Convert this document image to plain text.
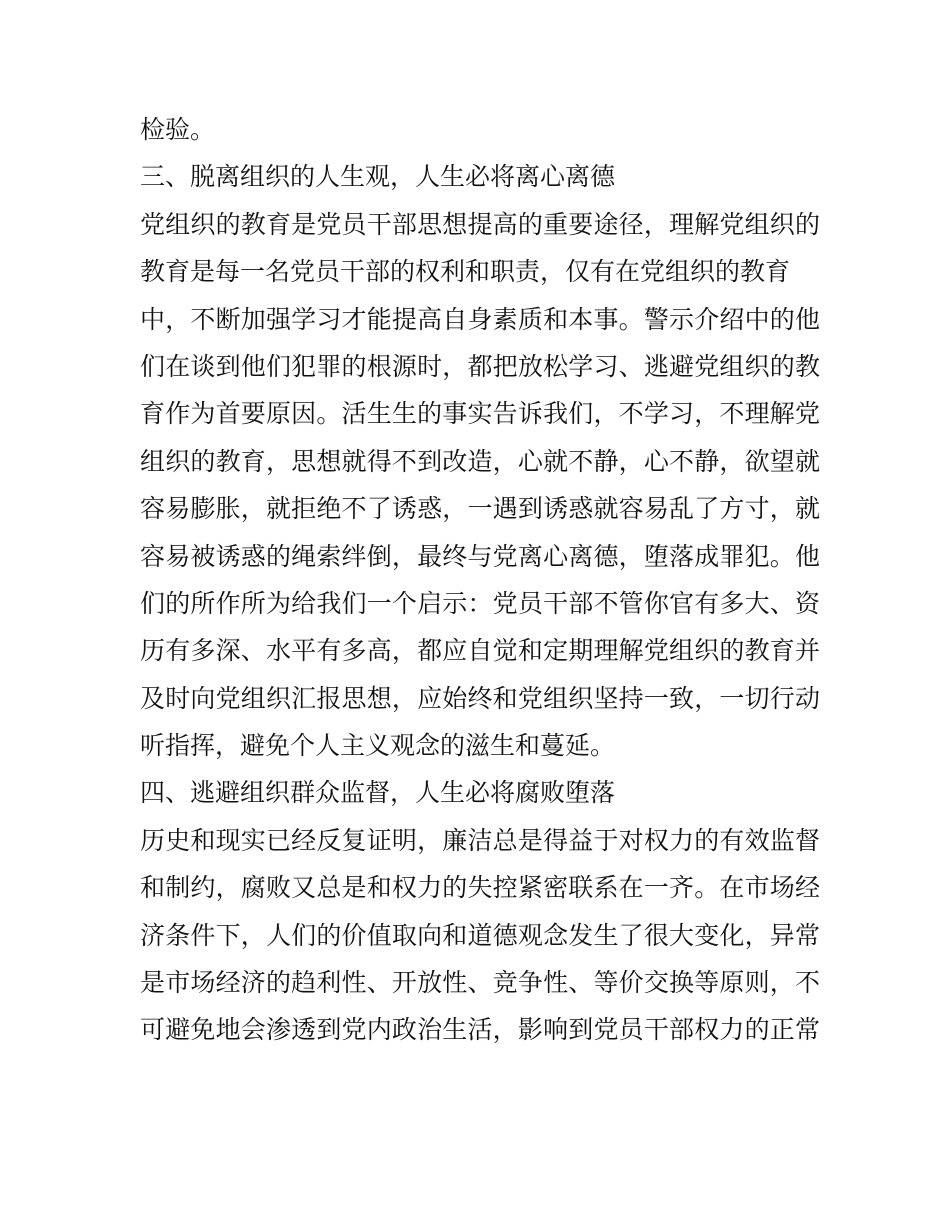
检验。
三、脱离组织的人生观，人生必将离心离德
党组织的教育是党员干部思想提高的重要途径，理解党组织的
教育是每一名党员干部的权利和职责，仅有在党组织的教育
中，不断加强学习才能提高自身素质和本事。警示介绍中的他
们在谈到他们犯罪的根源时，都把放松学习、逃避党组织的教
育作为首要原因。活生生的事实告诉我们，不学习，不理解党
组织的教育，思想就得不到改造，心就不静，心不静，欲望就
容易膨胀，就拒绝不了诱惑，一遇到诱惑就容易乱了方寸，就
容易被诱惑的绳索绊倒，最终与党离心离德，堕落成罪犯。他
们的所作所为给我们一个启示：党员干部不管你官有多大、资
历有多深、水平有多高，都应自觉和定期理解党组织的教育并
及时向党组织汇报思想，应始终和党组织坚持一致，一切行动
听指挥，避免个人主义观念的滋生和蔓延。
四、逃避组织群众监督，人生必将腐败堕落
历史和现实已经反复证明，廉洁总是得益于对权力的有效监督
和制约，腐败又总是和权力的失控紧密联系在一齐。在市场经
济条件下，人们的价值取向和道德观念发生了很大变化，异常
是市场经济的趋利性、开放性、竞争性、等价交换等原则，不
可避免地会渗透到党内政治生活，影响到党员干部权力的正常
